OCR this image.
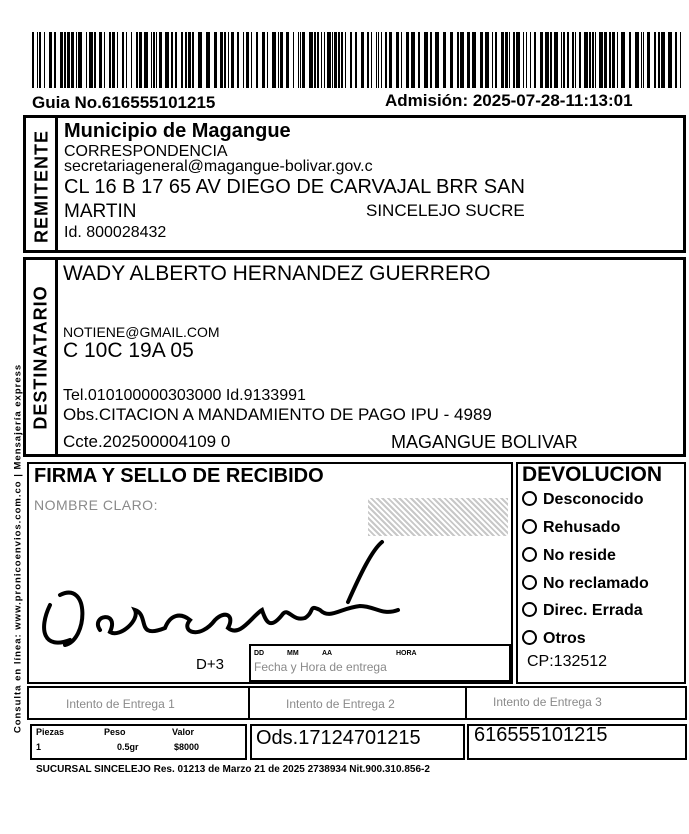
Guia No.616555101215	Admisión: 2025-07-28-11:13:01
Consulta en línea: www.pronicoenvios.com.co | Mensajería express
REMITENTE Municipio de Magangue
CORRESPONDENCIA
secretariageneral@magangue-bolivar.gov.c
CL 16 B 17 65 AV DIEGO DE CARVAJAL BRR SAN
MARTIN	SINCELEJO SUCRE
Id. 800028432
DESTINATARIO
WADY ALBERTO HERNANDEZ GUERRERO
NOTIENE@GMAIL.COM
C 10C 19A 05
Tel.010100000303000 Id.9133991
Obs.CITACION A MANDAMIENTO DE PAGO IPU - 4989
Ccte.202500004109 0	MAGANGUE BOLIVAR
FIRMA Y SELLO DE RECIBIDO
NOMBRE CLARO:
D+3
DD	MM	AA	HORA
Fecha y Hora de entrega
DEVOLUCION
Desconocido
Rehusado
No reside
No reclamado
Direc. Errada
Otros
CP:132512
Intento de Entrega 1	Intento de Entrega 2	Intento de Entrega 3
Piezas	Peso	Valor
1	0.5gr	$8000	Ods.17124701215	616555101215
SUCURSAL SINCELEJO Res. 01213 de Marzo 21 de 2025 2738934 Nit.900.310.856-2
